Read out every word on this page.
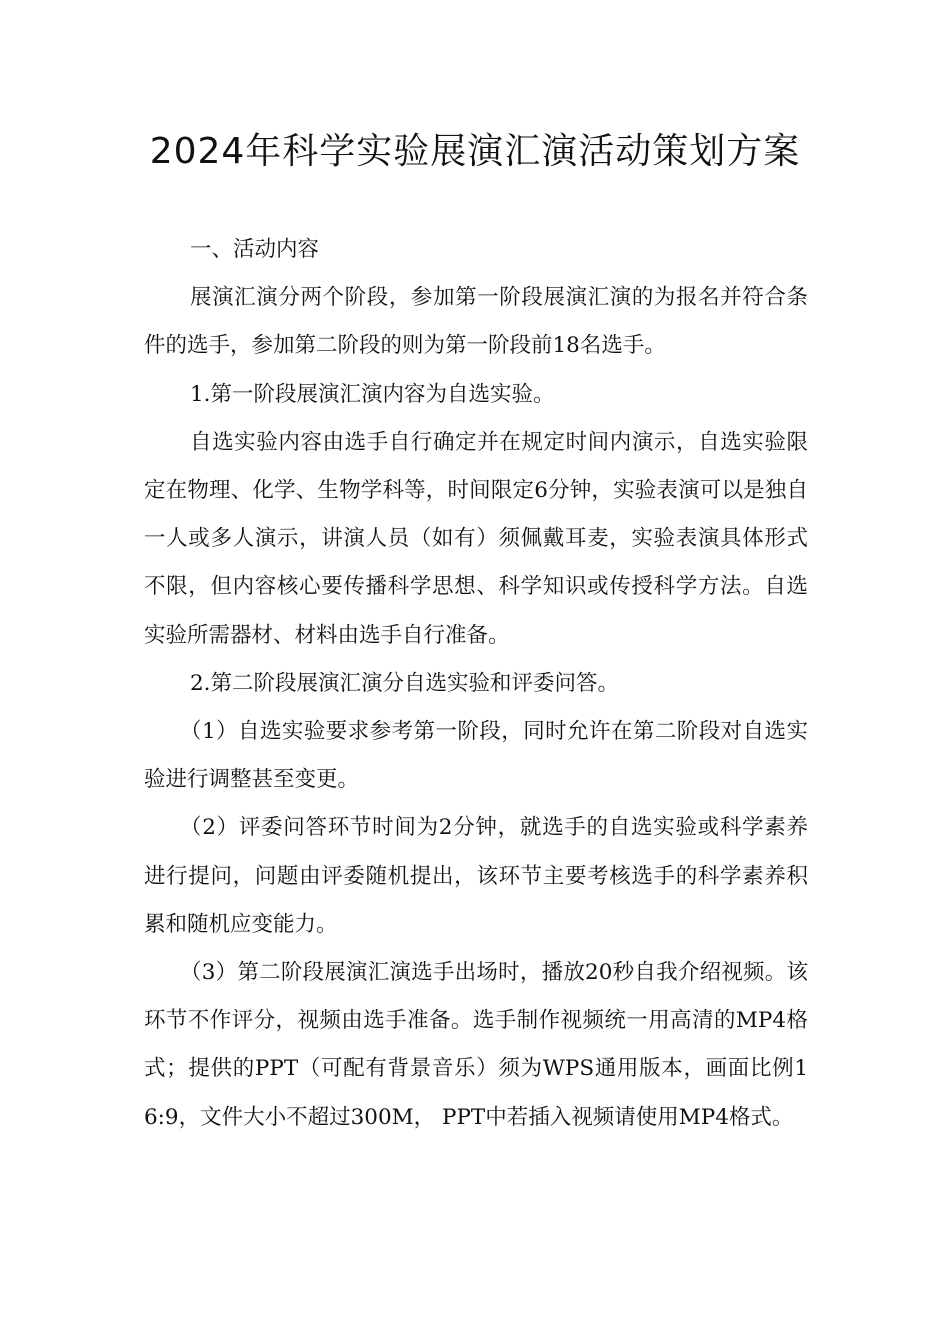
2024年科学实验展演汇演活动策划方案

一、活动内容

展演汇演分两个阶段，参加第一阶段展演汇演的为报名并符合条件的选手，参加第二阶段的则为第一阶段前18名选手。

1.第一阶段展演汇演内容为自选实验。

自选实验内容由选手自行确定并在规定时间内演示，自选实验限定在物理、化学、生物学科等，时间限定6分钟，实验表演可以是独自一人或多人演示，讲演人员（如有）须佩戴耳麦，实验表演具体形式不限，但内容核心要传播科学思想、科学知识或传授科学方法。自选实验所需器材、材料由选手自行准备。

2.第二阶段展演汇演分自选实验和评委问答。

（1）自选实验要求参考第一阶段，同时允许在第二阶段对自选实验进行调整甚至变更。

（2）评委问答环节时间为2分钟，就选手的自选实验或科学素养进行提问，问题由评委随机提出，该环节主要考核选手的科学素养积累和随机应变能力。

（3）第二阶段展演汇演选手出场时，播放20秒自我介绍视频。该环节不作评分，视频由选手准备。选手制作视频统一用高清的MP4格式；提供的PPT（可配有背景音乐）须为WPS通用版本，画面比例16:9，文件大小不超过300M， PPT中若插入视频请使用MP4格式。
